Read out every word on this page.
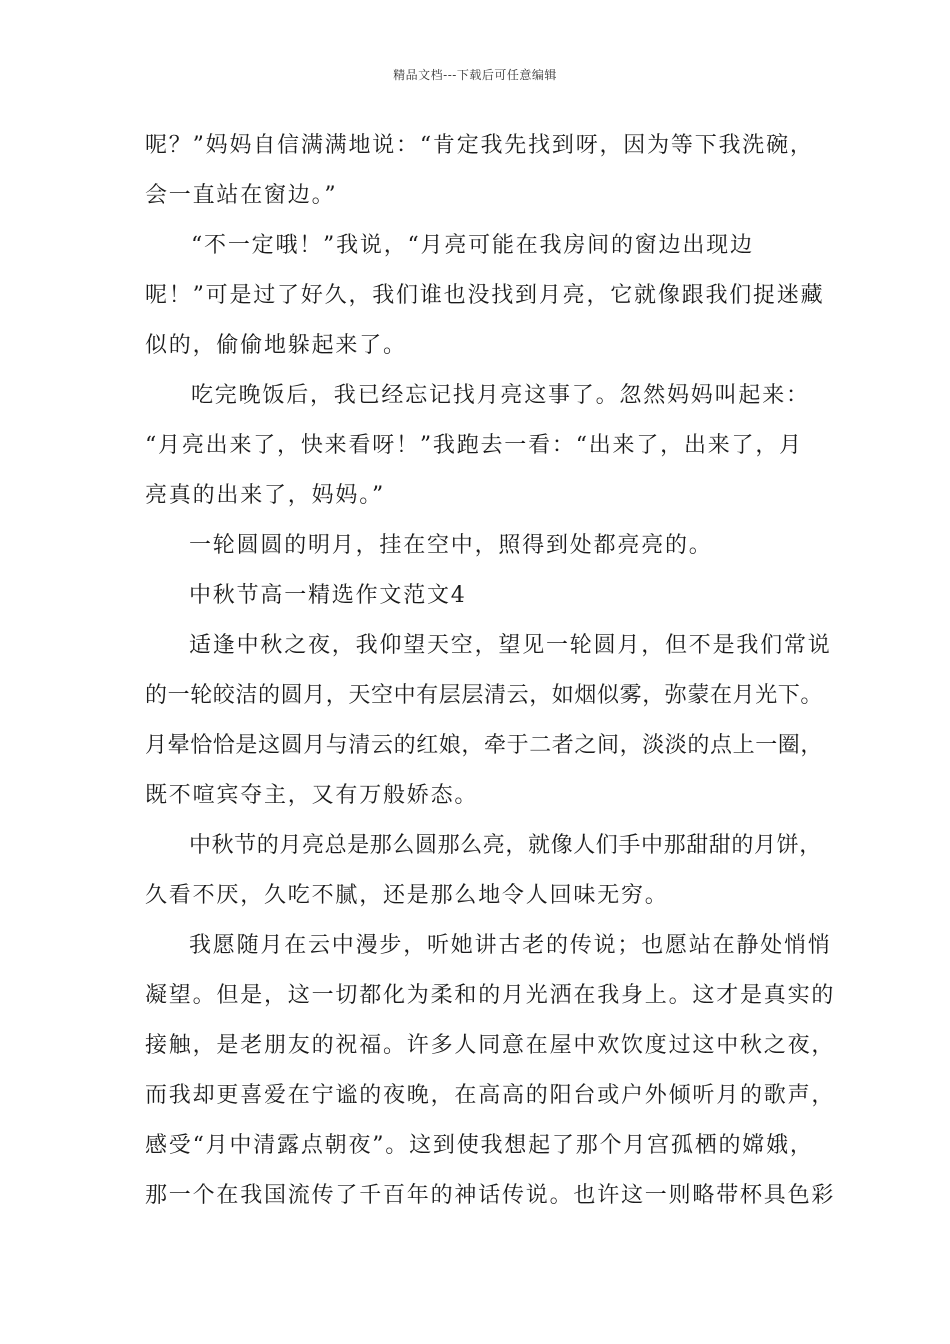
精品文档---下载后可任意编辑
呢？”妈妈自信满满地说：“肯定我先找到呀，因为等下我洗碗，
会一直站在窗边。”
“不一定哦！”我说，“月亮可能在我房间的窗边出现边
呢！”可是过了好久，我们谁也没找到月亮，它就像跟我们捉迷藏
似的，偷偷地躲起来了。
吃完晚饭后，我已经忘记找月亮这事了。忽然妈妈叫起来：
“月亮出来了，快来看呀！”我跑去一看：“出来了，出来了，月
亮真的出来了，妈妈。”
一轮圆圆的明月，挂在空中，照得到处都亮亮的。
中秋节高一精选作文范文4
适逢中秋之夜，我仰望天空，望见一轮圆月，但不是我们常说
的一轮皎洁的圆月，天空中有层层清云，如烟似雾，弥蒙在月光下。
月晕恰恰是这圆月与清云的红娘，牵于二者之间，淡淡的点上一圈，
既不喧宾夺主，又有万般娇态。
中秋节的月亮总是那么圆那么亮，就像人们手中那甜甜的月饼，
久看不厌，久吃不腻，还是那么地令人回味无穷。
我愿随月在云中漫步，听她讲古老的传说；也愿站在静处悄悄
凝望。但是，这一切都化为柔和的月光洒在我身上。这才是真实的
接触，是老朋友的祝福。许多人同意在屋中欢饮度过这中秋之夜，
而我却更喜爱在宁谧的夜晚，在高高的阳台或户外倾听月的歌声，
感受“月中清露点朝夜”。这到使我想起了那个月宫孤栖的嫦娥，
那一个在我国流传了千百年的神话传说。也许这一则略带杯具色彩
